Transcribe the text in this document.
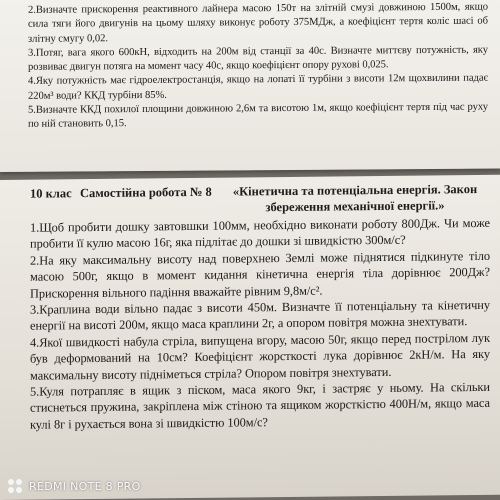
2.Визначте прискорення реактивного лайнера масою 150т на злітній смузі довжиною 1500м, якщо сила тяги його двигунів на цьому шляху виконує роботу 375МДж, а коефіцієнт тертя коліс шасі об злітну смугу 0,02.

3.Потяг, вага якого 600кН, відходить на 200м від станції за 40с. Визначте миттєву потужність, яку розвиває двигун потяга на момент часу 40с, якщо коефіцієнт опору руховi 0,025.

4.Яку потужність має гідроелектростанція, якщо на лопаті її турбіни з висоти 12м щохвилини падає 220м³ води? ККД турбіни 85%.

5.Визначте ККД похилої площини довжиною 2,6м та висотою 1м, якщо коефіцієнт тертя під час руху по ній становить 0,15.

10 клас Самостійна робота № 8	«Кінетична та потенціальна енергія. Закон збереження механічної енергії.»

1.Щоб пробити дошку завтовшки 100мм, необхідно виконати роботу 800Дж. Чи може пробити її кулю масою 16г, яка підлітає до дошки зі швидкістю 300м/с?

2.На яку максимальну висоту над поверхнею Землі може піднятися підкинуте тіло масою 500г, якщо в момент кидання кінетична енергія тіла дорівнює 200Дж? Прискорення вільного падіння вважайте рівним 9,8м/с².

3.Краплина води вільно падає з висоти 450м. Визначте її потенціальну та кінетичну енергії на висоті 200м, якщо маса краплини 2г, а опором повітря можна знехтувати.

4.Якої швидкості набула стріла, випущена вгору, масою 50г, якщо перед пострілом лук був деформований на 10см? Коефіцієнт жорсткості лука дорівнює 2кН/м. На яку максимальну висоту підніметься стріла? Опором повітря знехтувати.

5.Куля потрапляє в ящик з піском, маса якого 9кг, і застряє у ньому. На скільки стиснеться пружина, закріплена між стіною та ящиком жорсткістю 400Н/м, якщо маса кулі 8г і рухається вона зі швидкістю 100м/с?

REDMI NOTE 8 PRO
